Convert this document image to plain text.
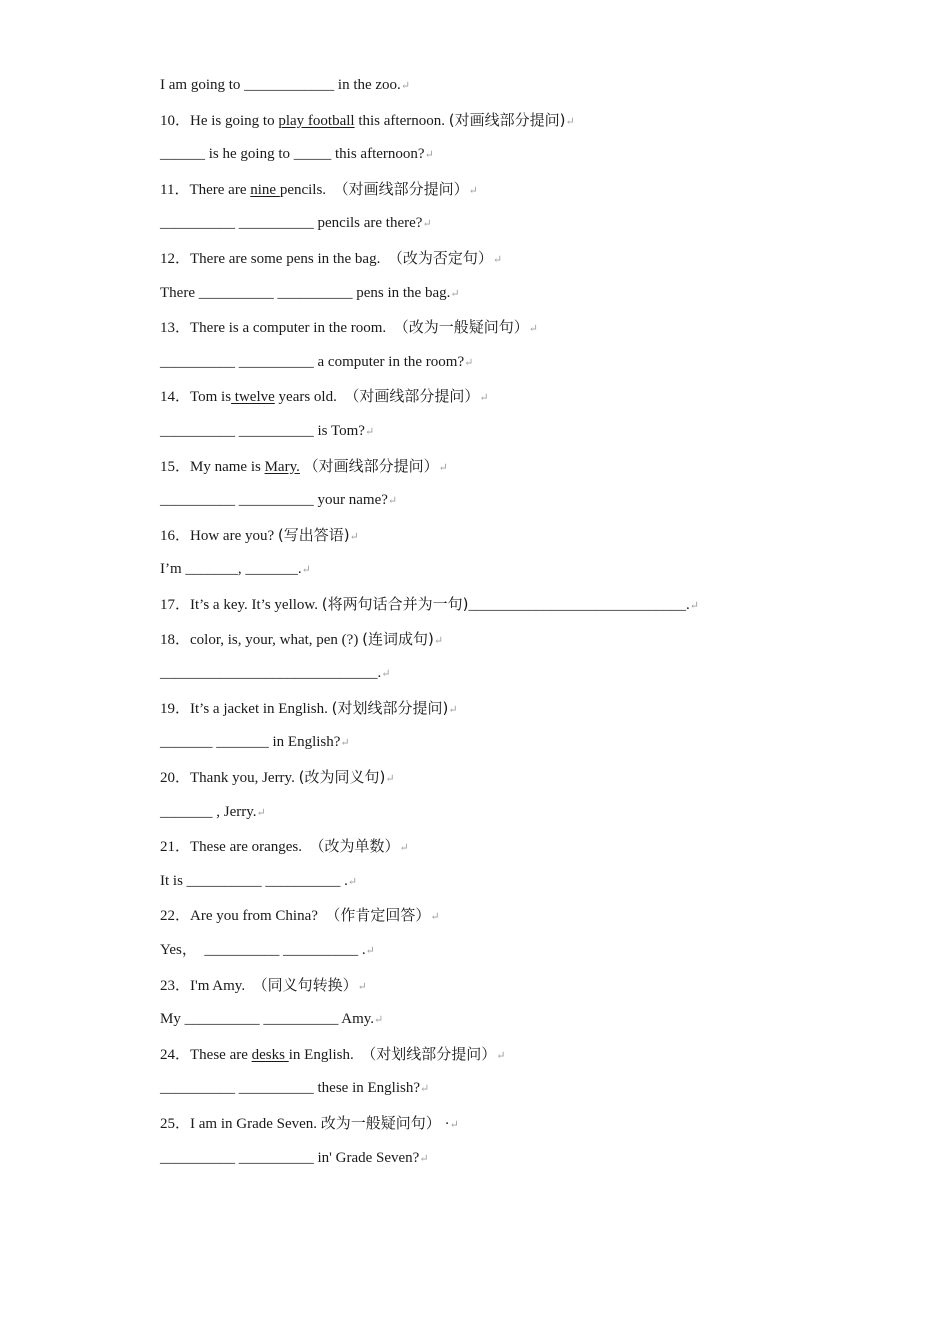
I am going to ____________ in the zoo.↵
10．He is going to play football this afternoon. (对画线部分提问)↵
______ is he going to _____ this afternoon?↵
11．There are nine pencils.  （对画线部分提问）↵
__________ __________ pencils are there?↵
12．There are some pens in the bag.  （改为否定句）↵
There __________ __________ pens in the bag.↵
13．There is a computer in the room.  （改为一般疑问句）↵
__________ __________ a computer in the room?↵
14．Tom is twelve years old.  （对画线部分提问）↵
__________ __________ is Tom?↵
15．My name is Mary. （对画线部分提问）↵
__________ __________ your name?↵
16．How are you? (写出答语)↵
I’m _______, _______.↵
17．It’s a key. It’s yellow. (将两句话合并为一句)_____________________________.↵
18．color, is, your, what, pen (?) (连词成句)↵
_____________________________.↵
19．It’s a jacket in English. (对划线部分提问)↵
_______ _______ in English?↵
20．Thank you, Jerry. (改为同义句)↵
_______ , Jerry.↵
21．These are oranges.  （改为单数）↵
It is __________ __________ .↵
22．Are you from China?  （作肯定回答）↵
Yes，  __________ __________ .↵
23．I'm Amy.  （同义句转换）↵
My __________ __________ Amy.↵
24．These are desks in English.  （对划线部分提问）↵
__________ __________ these in English?↵
25．I am in Grade Seven. 改为一般疑问句） ·↵
__________ __________ in' Grade Seven?↵
